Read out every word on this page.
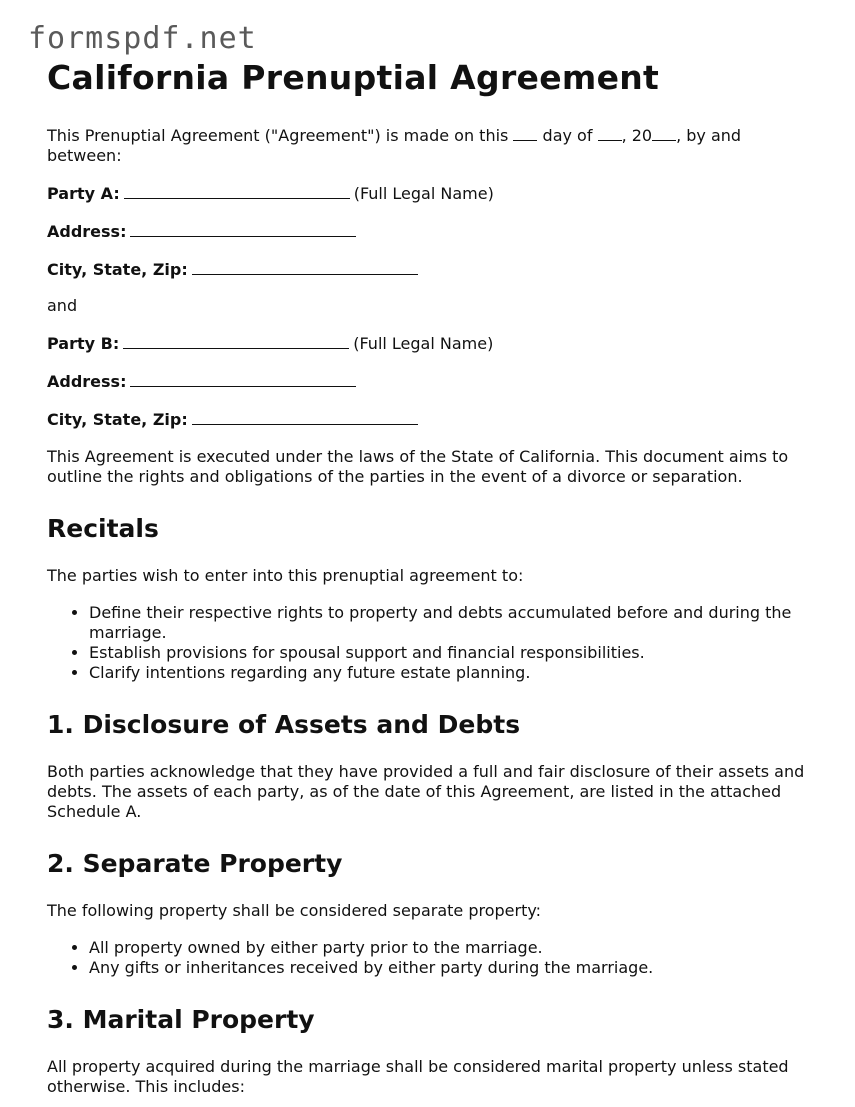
formspdf.net
California Prenuptial Agreement

This Prenuptial Agreement ("Agreement") is made on this  day of , 20 , by and between:

Party A:	(Full Legal Name)
Address:
City, State, Zip:

and

Party B:	(Full Legal Name)
Address:
City, State, Zip:

This Agreement is executed under the laws of the State of California. This document aims to outline the rights and obligations of the parties in the event of a divorce or separation.

Recitals

The parties wish to enter into this prenuptial agreement to:

• Define their respective rights to property and debts accumulated before and during the marriage.
• Establish provisions for spousal support and financial responsibilities.
• Clarify intentions regarding any future estate planning.
1. Disclosure of Assets and Debts

Both parties acknowledge that they have provided a full and fair disclosure of their assets and debts. The assets of each party, as of the date of this Agreement, are listed in the attached Schedule A.

2. Separate Property

The following property shall be considered separate property:

• All property owned by either party prior to the marriage.
• Any gifts or inheritances received by either party during the marriage.
3. Marital Property

All property acquired during the marriage shall be considered marital property unless stated otherwise. This includes:
